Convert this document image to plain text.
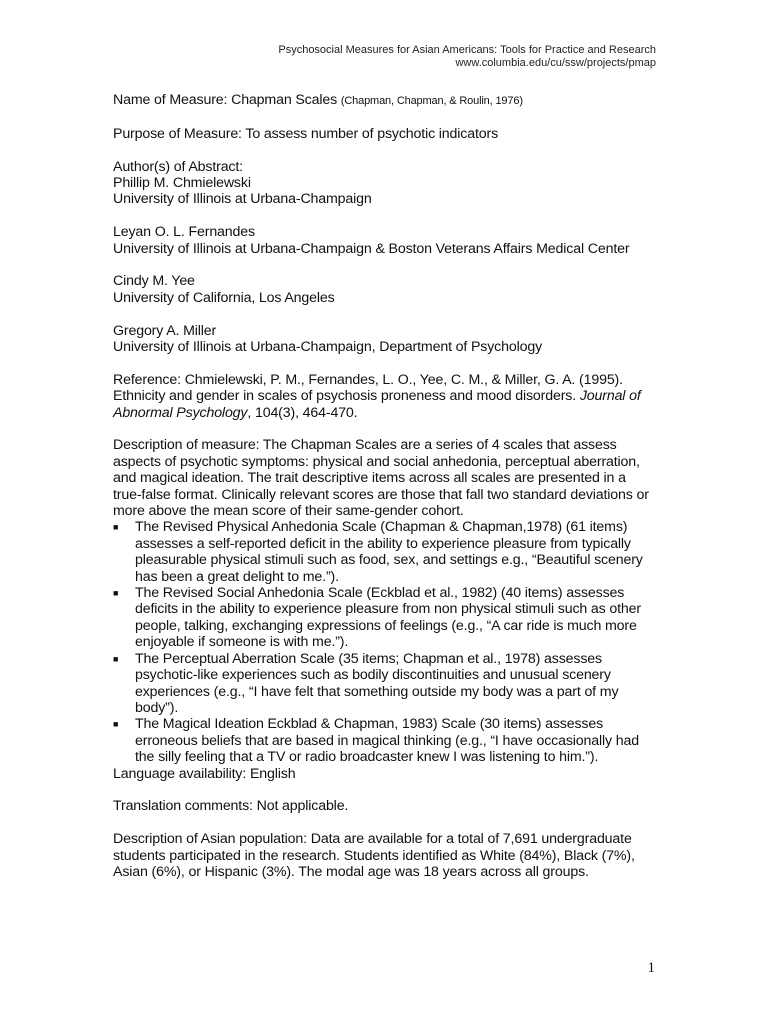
Psychosocial Measures for Asian Americans: Tools for Practice and Research
www.columbia.edu/cu/ssw/projects/pmap

Name of Measure: Chapman Scales (Chapman, Chapman, & Roulin, 1976)

Purpose of Measure: To assess number of psychotic indicators

Author(s) of Abstract:
Phillip M. Chmielewski
University of Illinois at Urbana-Champaign

Leyan O. L. Fernandes
University of Illinois at Urbana-Champaign & Boston Veterans Affairs Medical Center

Cindy M. Yee
University of California, Los Angeles

Gregory A. Miller
University of Illinois at Urbana-Champaign, Department of Psychology

Reference: Chmielewski, P. M., Fernandes, L. O., Yee, C. M., & Miller, G. A. (1995). Ethnicity and gender in scales of psychosis proneness and mood disorders. Journal of Abnormal Psychology, 104(3), 464-470.

Description of measure: The Chapman Scales are a series of 4 scales that assess aspects of psychotic symptoms: physical and social anhedonia, perceptual aberration, and magical ideation. The trait descriptive items across all scales are presented in a true-false format. Clinically relevant scores are those that fall two standard deviations or more above the mean score of their same-gender cohort.
■ The Revised Physical Anhedonia Scale (Chapman & Chapman,1978) (61 items) assesses a self-reported deficit in the ability to experience pleasure from typically pleasurable physical stimuli such as food, sex, and settings e.g., “Beautiful scenery has been a great delight to me.”).
■ The Revised Social Anhedonia Scale (Eckblad et al., 1982) (40 items) assesses deficits in the ability to experience pleasure from non physical stimuli such as other people, talking, exchanging expressions of feelings (e.g., “A car ride is much more enjoyable if someone is with me.”).
■ The Perceptual Aberration Scale (35 items; Chapman et al., 1978) assesses psychotic-like experiences such as bodily discontinuities and unusual scenery experiences (e.g., “I have felt that something outside my body was a part of my body”).
■ The Magical Ideation Eckblad & Chapman, 1983) Scale (30 items) assesses erroneous beliefs that are based in magical thinking (e.g., “I have occasionally had the silly feeling that a TV or radio broadcaster knew I was listening to him.”).

Language availability: English

Translation comments: Not applicable.

Description of Asian population: Data are available for a total of 7,691 undergraduate students participated in the research. Students identified as White (84%), Black (7%), Asian (6%), or Hispanic (3%). The modal age was 18 years across all groups.

1
